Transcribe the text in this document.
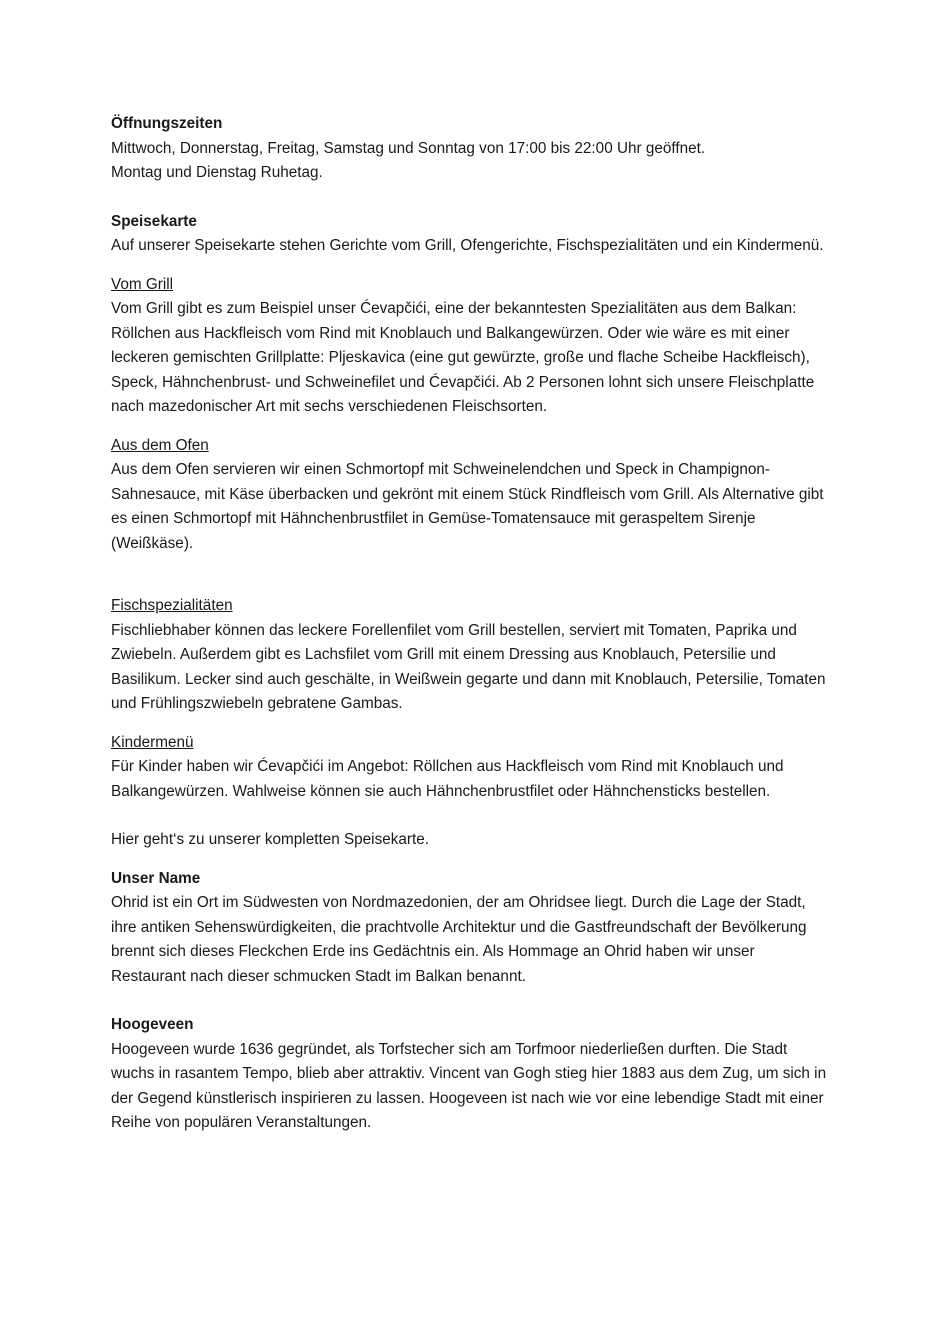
Öffnungszeiten

Mittwoch, Donnerstag, Freitag, Samstag und Sonntag von 17:00 bis 22:00 Uhr geöffnet.

Montag und Dienstag Ruhetag.

Speisekarte

Auf unserer Speisekarte stehen Gerichte vom Grill, Ofengerichte, Fischspezialitäten und ein Kindermenü.

Vom Grill

Vom Grill gibt es zum Beispiel unser Ćevapčići, eine der bekanntesten Spezialitäten aus dem Balkan: Röllchen aus Hackfleisch vom Rind mit Knoblauch und Balkangewürzen. Oder wie wäre es mit einer leckeren gemischten Grillplatte: Pljeskavica (eine gut gewürzte, große und flache Scheibe Hackfleisch), Speck, Hähnchenbrust- und Schweinefilet und Ćevapčići. Ab 2 Personen lohnt sich unsere Fleischplatte nach mazedonischer Art mit sechs verschiedenen Fleischsorten.

Aus dem Ofen

Aus dem Ofen servieren wir einen Schmortopf mit Schweinelendchen und Speck in Champignon-Sahnesauce, mit Käse überbacken und gekrönt mit einem Stück Rindfleisch vom Grill. Als Alternative gibt es einen Schmortopf mit Hähnchenbrustfilet in Gemüse-Tomatensauce mit geraspeltem Sirenje (Weißkäse).

Fischspezialitäten

Fischliebhaber können das leckere Forellenfilet vom Grill bestellen, serviert mit Tomaten, Paprika und Zwiebeln. Außerdem gibt es Lachsfilet vom Grill mit einem Dressing aus Knoblauch, Petersilie und Basilikum. Lecker sind auch geschälte, in Weißwein gegarte und dann mit Knoblauch, Petersilie, Tomaten und Frühlingszwiebeln gebratene Gambas.

Kindermenü

Für Kinder haben wir Ćevapčići im Angebot: Röllchen aus Hackfleisch vom Rind mit Knoblauch und Balkangewürzen. Wahlweise können sie auch Hähnchenbrustfilet oder Hähnchensticks bestellen.

Hier geht‘s zu unserer kompletten Speisekarte.

Unser Name

Ohrid ist ein Ort im Südwesten von Nordmazedonien, der am Ohridsee liegt. Durch die Lage der Stadt, ihre antiken Sehenswürdigkeiten, die prachtvolle Architektur und die Gastfreundschaft der Bevölkerung brennt sich dieses Fleckchen Erde ins Gedächtnis ein. Als Hommage an Ohrid haben wir unser Restaurant nach dieser schmucken Stadt im Balkan benannt.

Hoogeveen

Hoogeveen wurde 1636 gegründet, als Torfstecher sich am Torfmoor niederließen durften. Die Stadt wuchs in rasantem Tempo, blieb aber attraktiv. Vincent van Gogh stieg hier 1883 aus dem Zug, um sich in der Gegend künstlerisch inspirieren zu lassen. Hoogeveen ist nach wie vor eine lebendige Stadt mit einer Reihe von populären Veranstaltungen.
